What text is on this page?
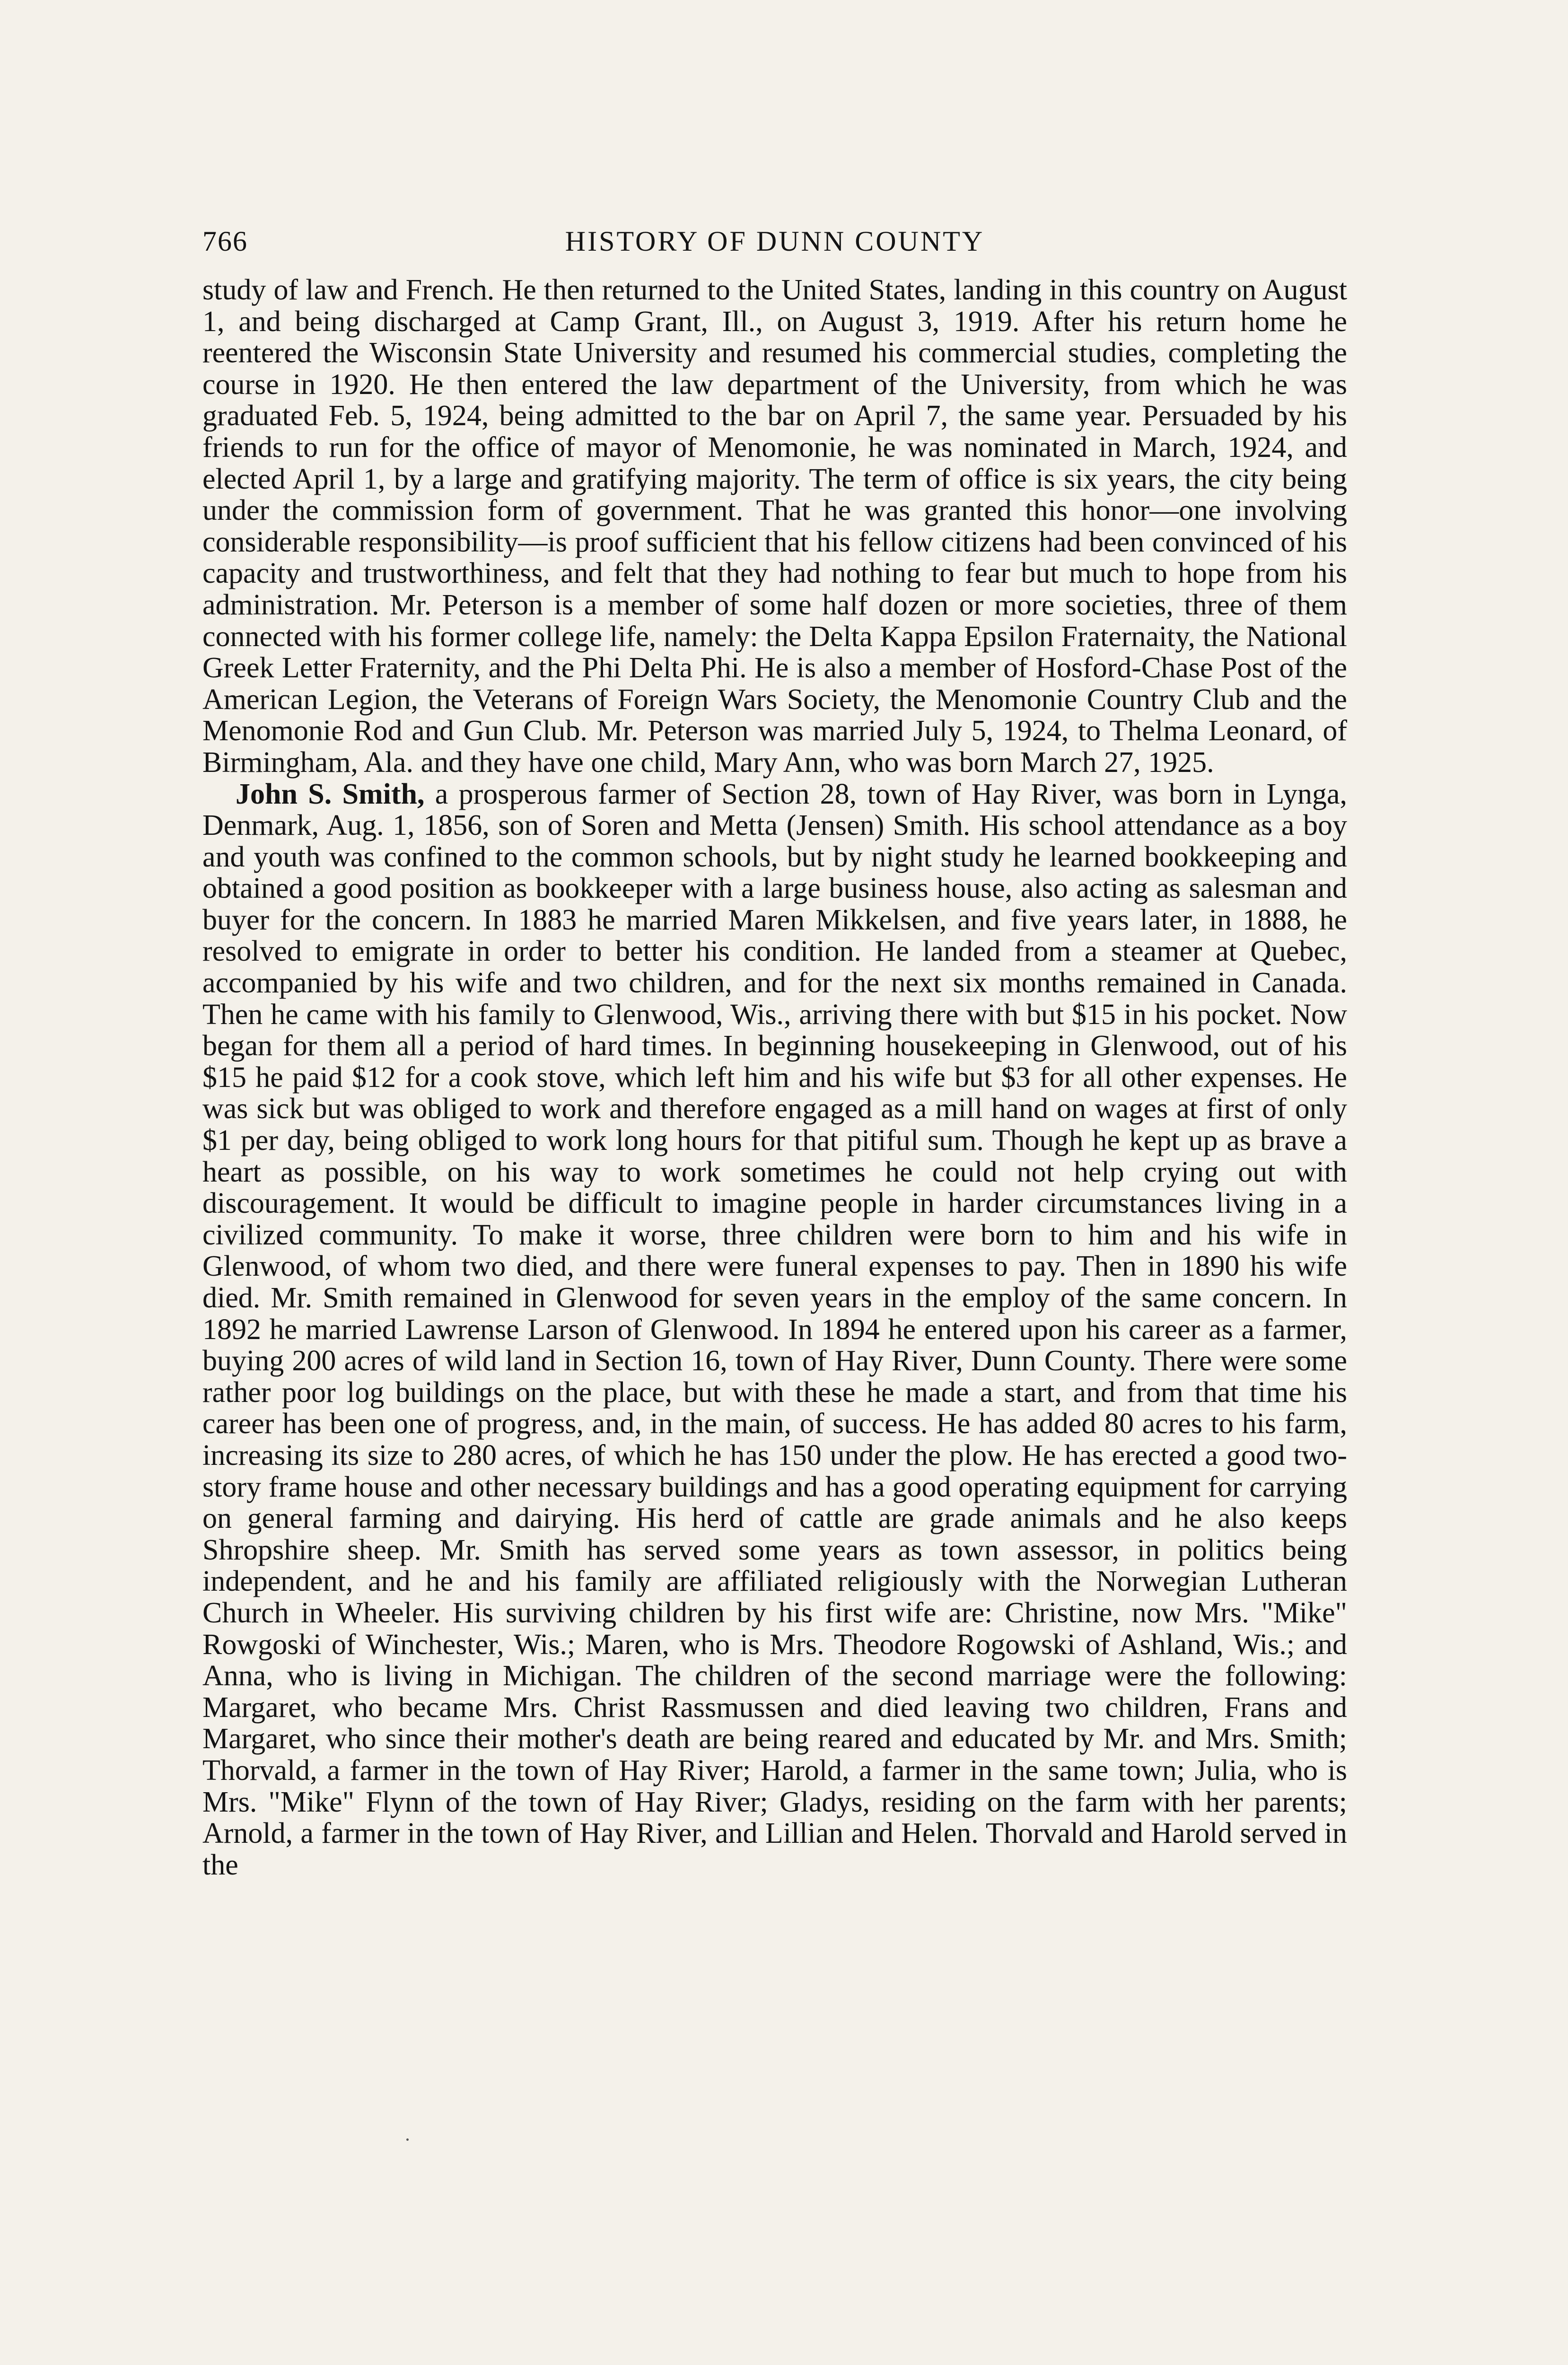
766	HISTORY OF DUNN COUNTY

study of law and French. He then returned to the United States, landing in this country on August 1, and being discharged at Camp Grant, Ill., on August 3, 1919. After his return home he reentered the Wisconsin State University and resumed his commercial studies, completing the course in 1920. He then entered the law department of the University, from which he was graduated Feb. 5, 1924, being admitted to the bar on April 7, the same year. Persuaded by his friends to run for the office of mayor of Menomonie, he was nominated in March, 1924, and elected April 1, by a large and gratifying majority. The term of office is six years, the city being under the commission form of government. That he was granted this honor—one involving considerable responsibility—is proof sufficient that his fellow citizens had been convinced of his capacity and trustworthiness, and felt that they had nothing to fear but much to hope from his administration. Mr. Peterson is a member of some half dozen or more societies, three of them connected with his former college life, namely: the Delta Kappa Epsilon Fraternaity, the National Greek Letter Fraternity, and the Phi Delta Phi. He is also a member of Hosford-Chase Post of the American Legion, the Veterans of Foreign Wars Society, the Menomonie Country Club and the Menomonie Rod and Gun Club. Mr. Peterson was married July 5, 1924, to Thelma Leonard, of Birmingham, Ala. and they have one child, Mary Ann, who was born March 27, 1925.

John S. Smith, a prosperous farmer of Section 28, town of Hay River, was born in Lynga, Denmark, Aug. 1, 1856, son of Soren and Metta (Jensen) Smith. His school attendance as a boy and youth was confined to the common schools, but by night study he learned bookkeeping and obtained a good position as bookkeeper with a large business house, also acting as salesman and buyer for the concern. In 1883 he married Maren Mikkelsen, and five years later, in 1888, he resolved to emigrate in order to better his condition. He landed from a steamer at Quebec, accompanied by his wife and two children, and for the next six months remained in Canada. Then he came with his family to Glenwood, Wis., arriving there with but $15 in his pocket. Now began for them all a period of hard times. In beginning housekeeping in Glenwood, out of his $15 he paid $12 for a cook stove, which left him and his wife but $3 for all other expenses. He was sick but was obliged to work and therefore engaged as a mill hand on wages at first of only $1 per day, being obliged to work long hours for that pitiful sum. Though he kept up as brave a heart as possible, on his way to work sometimes he could not help crying out with discouragement. It would be difficult to imagine people in harder circumstances living in a civilized community. To make it worse, three children were born to him and his wife in Glenwood, of whom two died, and there were funeral expenses to pay. Then in 1890 his wife died. Mr. Smith remained in Glenwood for seven years in the employ of the same concern. In 1892 he married Lawrense Larson of Glenwood. In 1894 he entered upon his career as a farmer, buying 200 acres of wild land in Section 16, town of Hay River, Dunn County. There were some rather poor log buildings on the place, but with these he made a start, and from that time his career has been one of progress, and, in the main, of success. He has added 80 acres to his farm, increasing its size to 280 acres, of which he has 150 under the plow. He has erected a good two-story frame house and other necessary buildings and has a good operating equipment for carrying on general farming and dairying. His herd of cattle are grade animals and he also keeps Shropshire sheep. Mr. Smith has served some years as town assessor, in politics being independent, and he and his family are affiliated religiously with the Norwegian Lutheran Church in Wheeler. His surviving children by his first wife are: Christine, now Mrs. "Mike" Rowgoski of Winchester, Wis.; Maren, who is Mrs. Theodore Rogowski of Ashland, Wis.; and Anna, who is living in Michigan. The children of the second marriage were the following: Margaret, who became Mrs. Christ Rassmussen and died leaving two children, Frans and Margaret, who since their mother's death are being reared and educated by Mr. and Mrs. Smith; Thorvald, a farmer in the town of Hay River; Harold, a farmer in the same town; Julia, who is Mrs. "Mike" Flynn of the town of Hay River; Gladys, residing on the farm with her parents; Arnold, a farmer in the town of Hay River, and Lillian and Helen. Thorvald and Harold served in the
